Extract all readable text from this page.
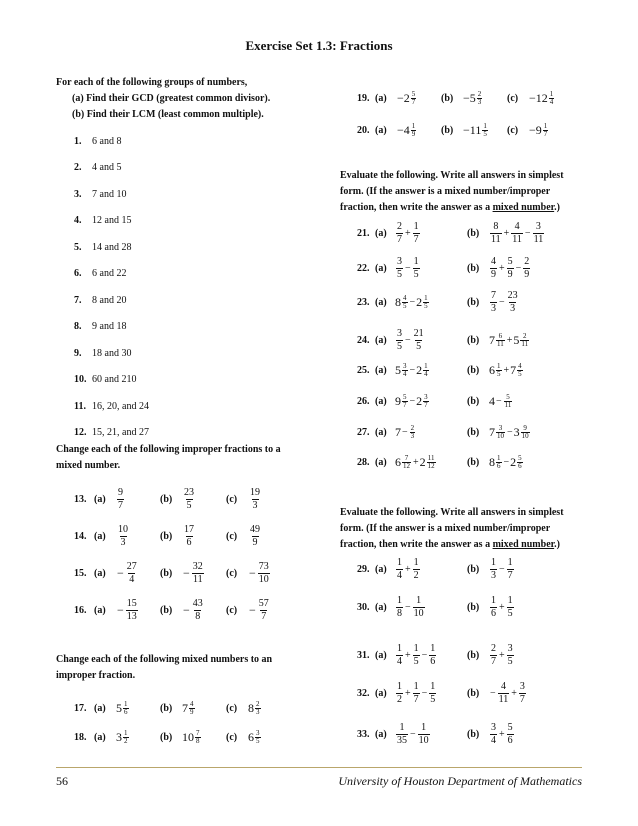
Exercise Set 1.3: Fractions
For each of the following groups of numbers,
(a) Find their GCD (greatest common divisor).
(b) Find their LCM (least common multiple).
1.	6 and 8
2.	4 and 5
3.	7 and 10
4.	12 and 15
5.	14 and 28
6.	6 and 22
7.	8 and 20
8.	9 and 18
9.	18 and 30
10. 60 and 210
11. 16, 20, and 24
12. 15, 21, and 27
Change each of the following improper fractions to a
mixed number.
13. $(a) \frac{9}{7}$	$(b) \frac{23}{5}$	$(c) \frac{19}{3}$
14. $(a) \frac{10}{3}$	$(b) \frac{17}{6}$	$(c) \frac{49}{9}$
15. $(a) - \frac{27}{4} (b) - \frac{32}{11} (c) - \frac{73}{10}$
16. $(a) - \frac{15}{13} (b) - \frac{43}{8} (c) - \frac{57}{7}$
Change each of the following mixed numbers to an
improper fraction.
17. (a) $5 \frac{1}{6}$	(b) $7 \frac{4}{9}$	(c) $8 \frac{2}{3}$
18. (a) $3 \frac{1}{2}$	(b) $10 \frac{7}{8}$	(c) $6 \frac{3}{5}$
19. $(a) - 2 \frac{5}{7} (b) - 5 \frac{2}{3} (c) - 12 \frac{1}{4}$
20. $(a) - 4 \frac{1}{9} (b) - 11 \frac{1}{5} (c) - 9 \frac{1}{7}$
Evaluate the following. Write all answers in simplest
form. (If the answer is a mixed number/improper
fraction, then write the answer as a mixed number.)
21. $(a) \frac{2}{7} + \frac{1}{7}$	$(b) \frac{8}{11} + \frac{4}{11} - \frac{3}{11}$
22. $(a) \frac{3}{5} - \frac{1}{5}$	$(b) \frac{4}{9} + \frac{5}{9} - \frac{2}{9}$
23. (a) $8 \frac{4}{5} - 2 \frac{1}{5}$	$(b) \frac{7}{3} - \frac{23}{3}$
24. $(a) \frac{3}{5} - \frac{21}{5}$	(b) $7 \frac{6}{11} + 5 \frac{2}{11}$
25. (a) $5 \frac{3}{4} - 2 \frac{1}{4}$	(b) $6 \frac{1}{5} + 7 \frac{4}{5}$
26. (a) $9 \frac{5}{7} - 2 \frac{3}{7}$	(b) $4 - \frac{5}{11}$
27. (a) $7 - \frac{2}{3}$	(b) $7 \frac{3}{10} - 3 \frac{9}{10}$
28. (a) $6 \frac{7}{12} + 2 \frac{11}{12}$	(b) $8 \frac{1}{6} - 2 \frac{5}{6}$
Evaluate the following. Write all answers in simplest
form. (If the answer is a mixed number/improper
fraction, then write the answer as a mixed number.)
29. $(a) \frac{1}{4} + \frac{1}{2}$	$(b) \frac{1}{3} - \frac{1}{7}$
30. $(a) \frac{1}{8} - \frac{1}{10}$	$(b) \frac{1}{6} + \frac{1}{5}$
31. $(a) \frac{1}{4} + \frac{1}{5} - \frac{1}{6}$	$(b) \frac{2}{7} + \frac{3}{5}$
32. $(a) \frac{1}{2} + \frac{1}{7} - \frac{1}{5}$	$(b) - \frac{4}{11} + \frac{3}{7}$
33. $(a) \frac{1}{35} - \frac{1}{10}$	$(b) \frac{3}{4} + \frac{5}{6}$
56	University of Houston Department of Mathematics
